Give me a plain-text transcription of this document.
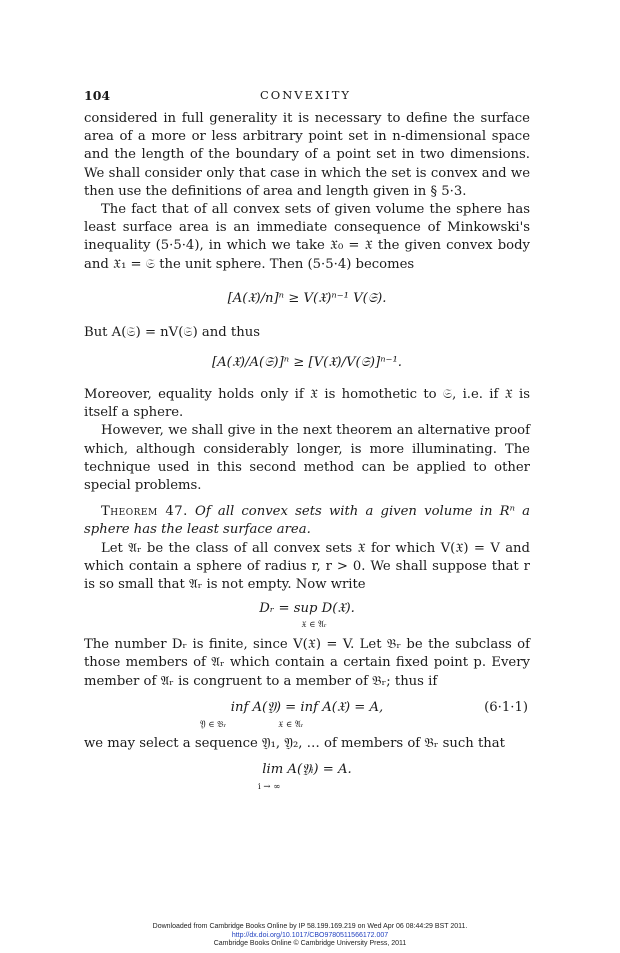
104	CONVEXITY

considered in full generality it is necessary to define the surface area of a more or less arbitrary point set in n-dimensional space and the length of the boundary of a point set in two dimensions. We shall consider only that case in which the set is convex and we then use the definitions of area and length given in § 5·3.

The fact that of all convex sets of given volume the sphere has least surface area is an immediate consequence of Minkowski's inequality (5·5·4), in which we take 𝔛₀ = 𝔛 the given convex body and 𝔛₁ = 𝔖 the unit sphere. Then (5·5·4) becomes

[A(𝔛)/n]ⁿ ≥ V(𝔛)ⁿ⁻¹ V(𝔖).

But A(𝔖) = nV(𝔖) and thus

[A(𝔛)/A(𝔖)]ⁿ ≥ [V(𝔛)/V(𝔖)]ⁿ⁻¹.

Moreover, equality holds only if 𝔛 is homothetic to 𝔖, i.e. if 𝔛 is itself a sphere.

However, we shall give in the next theorem an alternative proof which, although considerably longer, is more illuminating. The technique used in this second method can be applied to other special problems.

Theorem 47. Of all convex sets with a given volume in Rⁿ a sphere has the least surface area.

Let 𝔄ᵣ be the class of all convex sets 𝔛 for which V(𝔛) = V and which contain a sphere of radius r, r > 0. We shall suppose that r is so small that 𝔄ᵣ is not empty. Now write

Dᵣ = sup D(𝔛).
𝔛 ∈ 𝔄ᵣ

The number Dᵣ is finite, since V(𝔛) = V. Let 𝔅ᵣ be the subclass of those members of 𝔄ᵣ which contain a certain fixed point p. Every member of 𝔄ᵣ is congruent to a member of 𝔅ᵣ; thus if

inf A(𝔜) = inf A(𝔛) = A,
𝔜 ∈ 𝔅ᵣ	𝔛 ∈ 𝔄ᵣ
(6·1·1)

we may select a sequence 𝔜₁, 𝔜₂, … of members of 𝔅ᵣ such that

lim A(𝔜ᵢ) = A.
i → ∞
Downloaded from Cambridge Books Online by IP 58.199.169.219 on Wed Apr 06 08:44:29 BST 2011.
http://dx.doi.org/10.1017/CBO9780511566172.007
Cambridge Books Online © Cambridge University Press, 2011
